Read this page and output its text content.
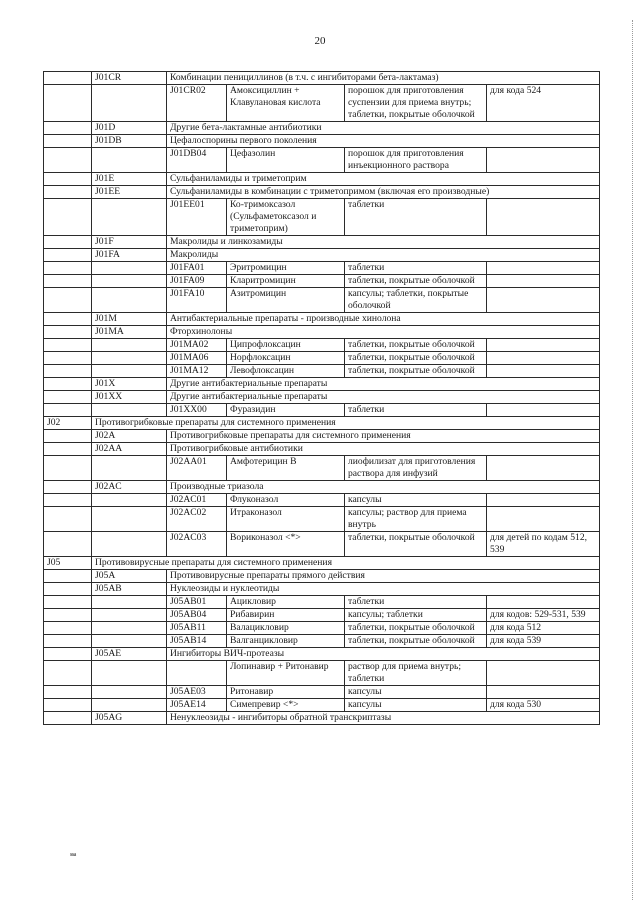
20
	J01CR	Комбинации пенициллинов (в т.ч. с ингибиторами бета-лактамаз)			
		J01CR02	Амоксициллин + Клавулановая кислота	порошок для приготовления суспензии для приема внутрь; таблетки, покрытые оболочкой	для кода 524
	J01D	Другие бета-лактамные антибиотики			
	J01DB	Цефалоспорины первого поколения			
		J01DB04	Цефазолин	порошок для приготовления инъекционного раствора	
	J01E	Сульфаниламиды и триметоприм			
	J01EE	Сульфаниламиды в комбинации с триметопримом (включая его производные)			
		J01EE01	Ко-тримоксазол (Сульфаметоксазол и триметоприм)	таблетки	
	J01F	Макролиды и линкозамиды			
	J01FA	Макролиды			
		J01FA01	Эритромицин	таблетки	
		J01FA09	Кларитромицин	таблетки, покрытые оболочкой	
		J01FA10	Азитромицин	капсулы; таблетки, покрытые оболочкой	
	J01M	Антибактериальные препараты - производные хинолона			
	J01MA	Фторхинолоны			
		J01MA02	Ципрофлоксацин	таблетки, покрытые оболочкой	
		J01MA06	Норфлоксацин	таблетки, покрытые оболочкой	
		J01MA12	Левофлоксацин	таблетки, покрытые оболочкой	
	J01X	Другие антибактериальные препараты			
	J01XX	Другие антибактериальные препараты			
		J01XX00	Фуразидин	таблетки	
J02	Противогрибковые препараты для системного применения				
	J02A	Противогрибковые препараты для системного применения			
	J02AA	Противогрибковые антибиотики			
		J02AA01	Амфотерицин В	лиофилизат для приготовления раствора для инфузий	
	J02AC	Производные триазола			
		J02AC01	Флуконазол	капсулы	
		J02AC02	Итраконазол	капсулы; раствор для приема внутрь	
		J02AC03	Вориконазол <*>	таблетки, покрытые оболочкой	для детей по кодам 512, 539
J05	Противовирусные препараты для системного применения				
	J05A	Противовирусные препараты прямого действия			
	J05AB	Нуклеозиды и нуклеотиды			
		J05AB01	Ацикловир	таблетки	
		J05AB04	Рибавирин	капсулы; таблетки	для кодов: 529-531, 539
		J05AB11	Валацикловир	таблетки, покрытые оболочкой	для кода 512
		J05AB14	Валганцикловир	таблетки, покрытые оболочкой	для кода 539
	J05AE	Ингибиторы ВИЧ-протеазы			
			Лопинавир + Ритонавир	раствор для приема внутрь; таблетки	
		J05AE03	Ритонавир	капсулы	
		J05AE14	Симепревир <*>	капсулы	для кода 530
	J05AG	Ненуклеозиды - ингибиторы обратной транскриптазы			
ssa
